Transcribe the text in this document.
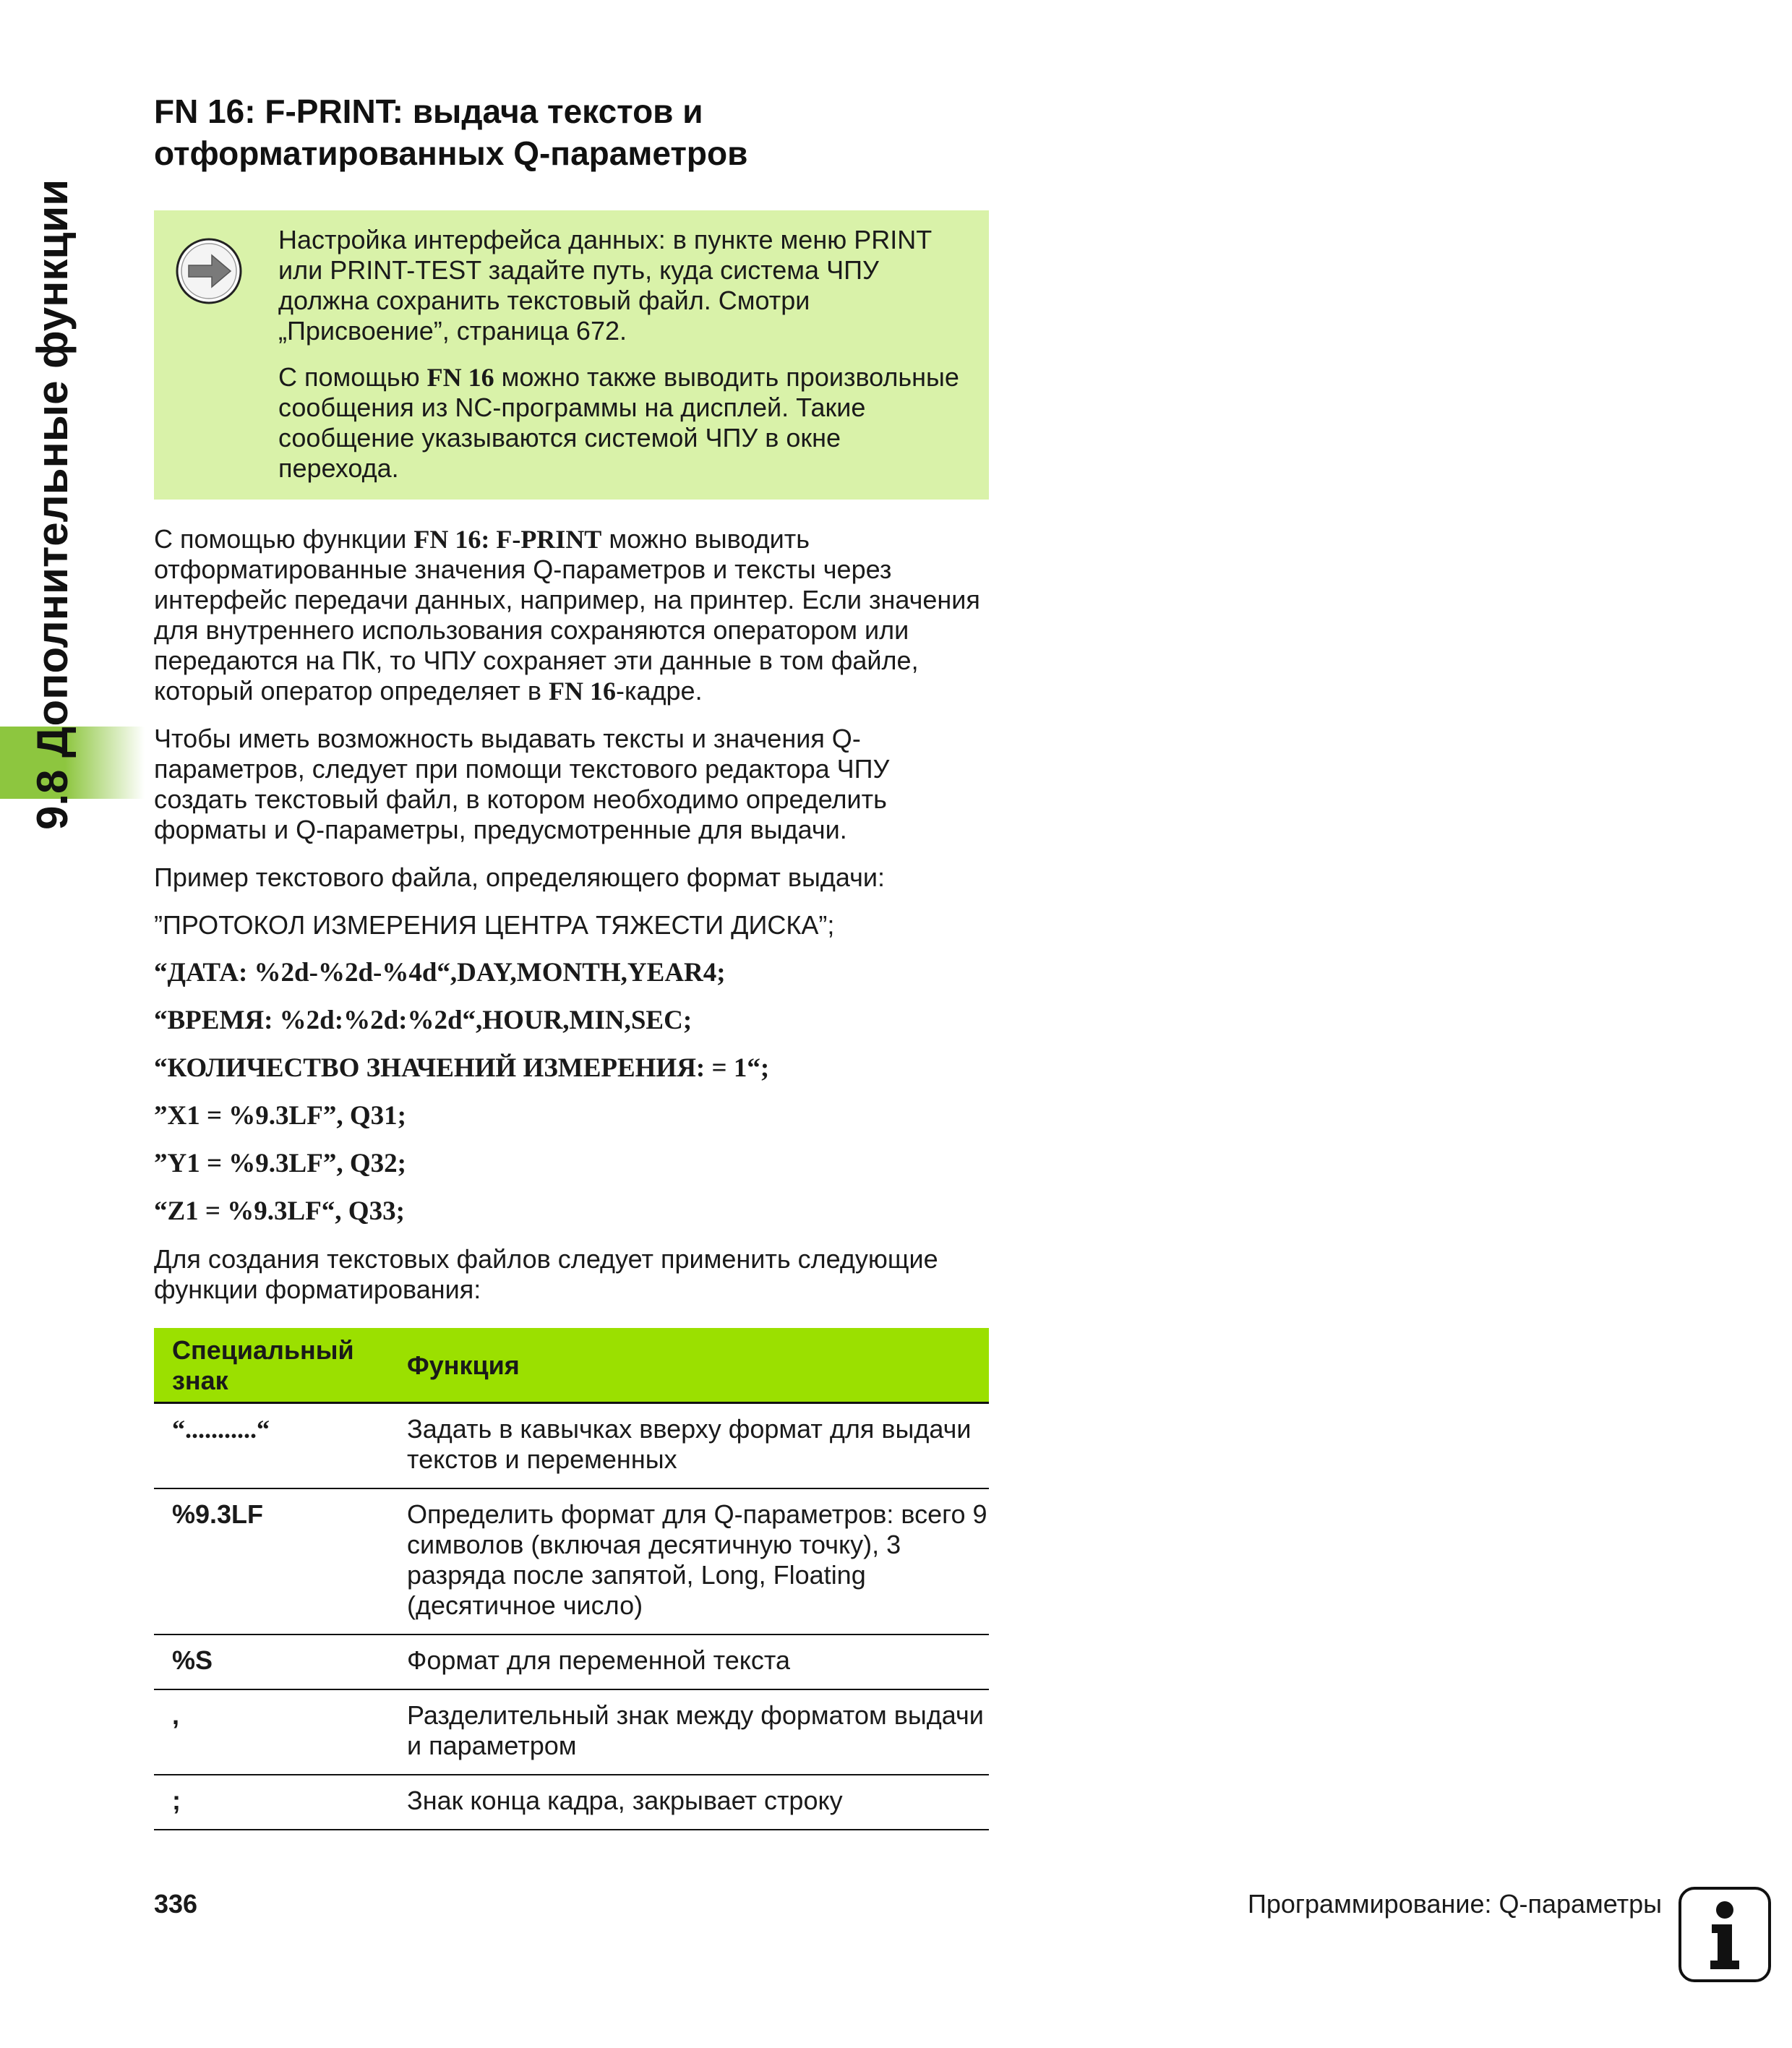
9.8 Дополнительные функции
FN 16: F-PRINT: выдача текстов и
отформатированных Q-параметров

Настройка интерфейса данных: в пункте меню PRINT или PRINT-TEST задайте путь, куда система ЧПУ должна сохранить текстовый файл. Смотри „Присвоение”, страница 672.

С помощью FN 16 можно также выводить произвольные сообщения из NC-программы на дисплей. Такие сообщение указываются системой ЧПУ в окне перехода.

С помощью функции FN 16: F-PRINT можно выводить отформатированные значения Q-параметров и тексты через интерфейс передачи данных, например, на принтер. Если значения для внутреннего использования сохраняются оператором или передаются на ПК, то ЧПУ сохраняет эти данные в том файле, который оператор определяет в FN 16-кадре.

Чтобы иметь возможность выдавать тексты и значения Q-параметров, следует при помощи текстового редактора ЧПУ создать текстовый файл, в котором необходимо определить форматы и Q-параметры, предусмотренные для выдачи.

Пример текстового файла, определяющего формат выдачи:

”ПРОТОКОЛ ИЗМЕРЕНИЯ ЦЕНТРА ТЯЖЕСТИ ДИСКА”;

“ДАТА: %2d-%2d-%4d“,DAY,MONTH,YEAR4;

“ВРЕМЯ: %2d:%2d:%2d“,HOUR,MIN,SEC;

“КОЛИЧЕСТВО ЗНАЧЕНИЙ ИЗМЕРЕНИЯ: = 1“;

”X1 = %9.3LF”, Q31;

”Y1 = %9.3LF”, Q32;

“Z1 = %9.3LF“, Q33;

Для создания текстовых файлов следует применить следующие функции форматирования:

Специальный знак	Функция
“...........“	Задать в кавычках вверху формат для выдачи текстов и переменных
%9.3LF	Определить формат для Q-параметров: всего 9 символов (включая десятичную точку), 3 разряда после запятой, Long, Floating (десятичное число)
%S	Формат для переменной текста
,	Разделительный знак между форматом выдачи и параметром
;	Знак конца кадра, закрывает строку
336	Программирование: Q-параметры
